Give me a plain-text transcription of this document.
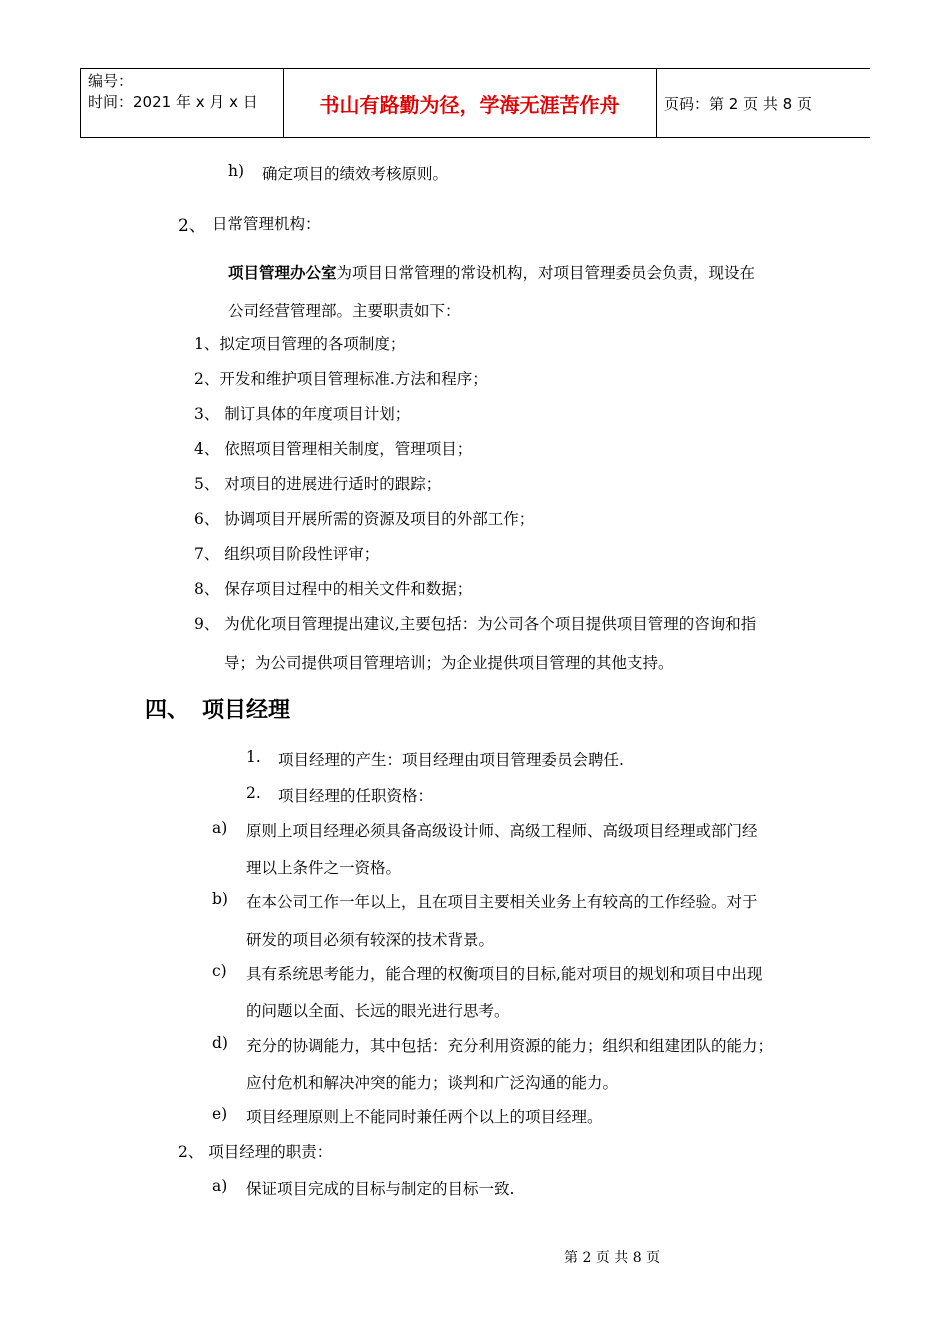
编号：
时间：2021 年 x 月 x 日	书山有路勤为径，学海无涯苦作舟	页码：第 2 页 共 8 页
h) 确定项目的绩效考核原则。
2、 日常管理机构：
项目管理办公室为项目日常管理的常设机构，对项目管理委员会负责，现设在
公司经营管理部。主要职责如下：
1、拟定项目管理的各项制度；
2、开发和维护项目管理标准.方法和程序；
3、 制订具体的年度项目计划；
4、 依照项目管理相关制度，管理项目；
5、 对项目的进展进行适时的跟踪；
6、 协调项目开展所需的资源及项目的外部工作；
7、 组织项目阶段性评审；
8、 保存项目过程中的相关文件和数据；
9、 为优化项目管理提出建议,主要包括：为公司各个项目提供项目管理的咨询和指
导；为公司提供项目管理培训；为企业提供项目管理的其他支持。
四、 项目经理
1. 项目经理的产生：项目经理由项目管理委员会聘任.
2. 项目经理的任职资格：
a) 原则上项目经理必须具备高级设计师、高级工程师、高级项目经理或部门经
理以上条件之一资格。
b) 在本公司工作一年以上，且在项目主要相关业务上有较高的工作经验。对于
研发的项目必须有较深的技术背景。
c) 具有系统思考能力，能合理的权衡项目的目标,能对项目的规划和项目中出现
的问题以全面、长远的眼光进行思考。
d) 充分的协调能力，其中包括：充分利用资源的能力；组织和组建团队的能力；
应付危机和解决冲突的能力；谈判和广泛沟通的能力。
e) 项目经理原则上不能同时兼任两个以上的项目经理。
2、 项目经理的职责：
a) 保证项目完成的目标与制定的目标一致.
第 2 页 共 8 页
